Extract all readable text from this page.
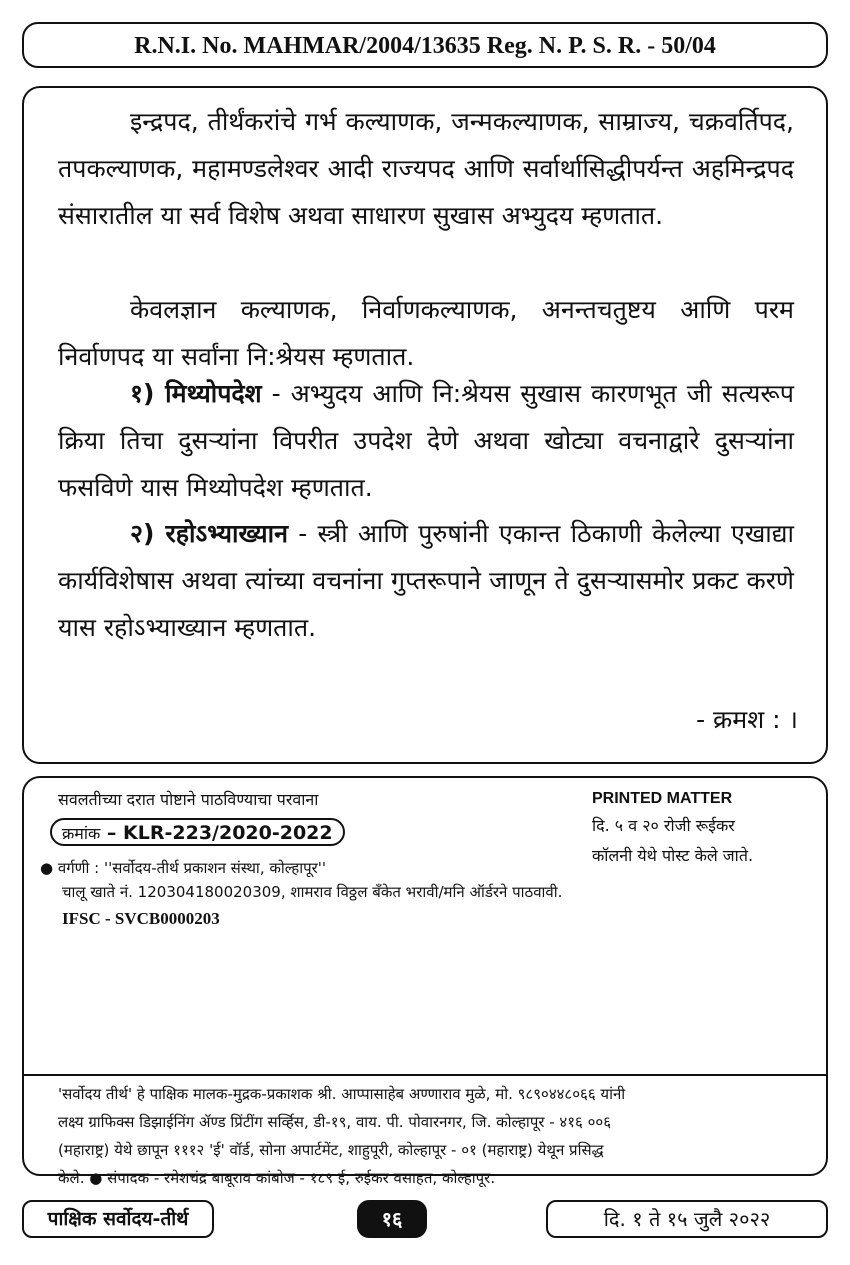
R.N.I. No. MAHMAR/2004/13635 Reg. N. P. S. R. - 50/04

इन्द्रपद, तीर्थंकरांचे गर्भ कल्याणक, जन्मकल्याणक, साम्राज्य, चक्रवर्तिपद, तपकल्याणक, महामण्डलेश्वर आदी राज्यपद आणि सर्वार्थासिद्धीपर्यन्त अहमिन्द्रपद संसारातील या सर्व विशेष अथवा साधारण सुखास अभ्युदय म्हणतात.

केवलज्ञान कल्याणक, निर्वाणकल्याणक, अनन्तचतुष्टय आणि परम निर्वाणपद या सर्वांना नि:श्रेयस म्हणतात.

१) मिथ्योपदेश - अभ्युदय आणि नि:श्रेयस सुखास कारणभूत जी सत्यरूप क्रिया तिचा दुसऱ्यांना विपरीत उपदेश देणे अथवा खोट्या वचनाद्वारे दुसऱ्यांना फसविणे यास मिथ्योपदेश म्हणतात.

२) रहोऽभ्याख्यान - स्त्री आणि पुरुषांनी एकान्त ठिकाणी केलेल्या एखाद्या कार्यविशेषास अथवा त्यांच्या वचनांना गुप्तरूपाने जाणून ते दुसऱ्यासमोर प्रकट करणे यास रहोऽभ्याख्यान म्हणतात.

- क्रमश : ।
सवलतीच्या दरात पोष्टाने पाठविण्याचा परवाना
क्रमांक – KLR-223/2020-2022
● वर्गणी : ''सर्वोदय-तीर्थ प्रकाशन संस्था, कोल्हापूर''
चालू खाते नं. 120304180020309, शामराव विठ्ठल बँकेत भरावी/मनि ऑर्डरने पाठवावी.
IFSC - SVCB0000203
PRINTED MATTER
दि. ५ व २० रोजी रूईकर
कॉलनी येथे पोस्ट केले जाते.

'सर्वोदय तीर्थ' हे पाक्षिक मालक-मुद्रक-प्रकाशक श्री. आप्पासाहेब अण्णाराव मुळे, मो. ९८९०४४८०६६ यांनी

लक्ष्य ग्राफिक्स डिझाईनिंग ॲण्ड प्रिंटींग सर्व्हिस, डी-१९, वाय. पी. पोवारनगर, जि. कोल्हापूर - ४१६ ००६

(महाराष्ट्र) येथे छापून १११२ 'ई' वॉर्ड, सोना अपार्टमेंट, शाहुपूरी, कोल्हापूर - ०१ (महाराष्ट्र) येथून प्रसिद्ध

केले. ● संपादक - रमेशचंद्र बाबूराव कांबोज - १८९ ई, रुईकर वसाहत, कोल्हापूर.

पाक्षिक सर्वोदय-तीर्थ	१६	दि. १ ते १५ जुलै २०२२
